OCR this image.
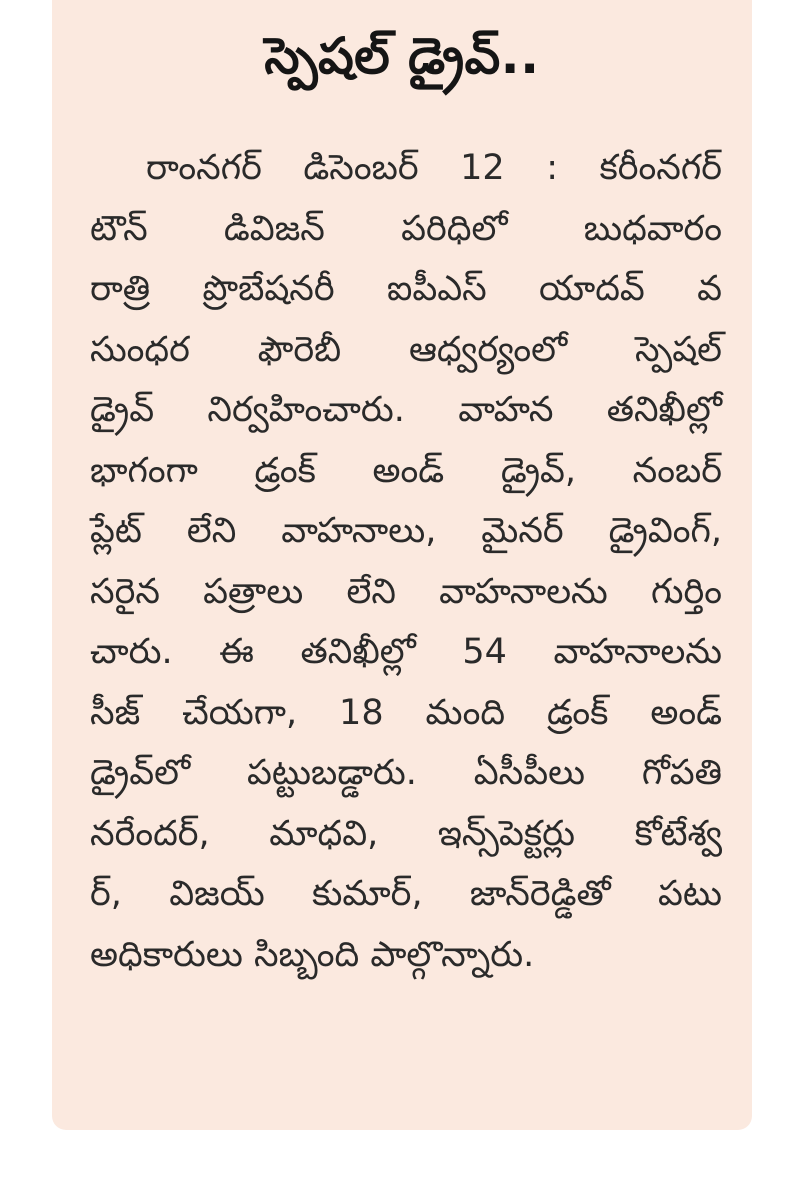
స్పెషల్ డ్రైవ్..
రాంనగర్ డిసెంబర్ 12 : కరీంనగర్
టౌన్ డివిజన్ పరిధిలో బుధవారం
రాత్రి ప్రొబేషనరీ ఐపీఎస్ యాదవ్ వ
సుంధర ఫౌరెబీ ఆధ్వర్యంలో స్పెషల్
డ్రైవ్ నిర్వహించారు. వాహన తనిఖీల్లో
భాగంగా డ్రంక్ అండ్ డ్రైవ్, నంబర్
ప్లేట్ లేని వాహనాలు, మైనర్ డ్రైవింగ్,
సరైన పత్రాలు లేని వాహనాలను గుర్తిం
చారు. ఈ తనిఖీల్లో 54 వాహనాలను
సీజ్ చేయగా, 18 మంది డ్రంక్ అండ్
డ్రైవ్‌లో పట్టుబడ్డారు. ఏసీపీలు గోపతి
నరేందర్, మాధవి, ఇన్స్‌పెక్టర్లు కోటేశ్వ
ర్, విజయ్ కుమార్, జాన్‌రెడ్డితో పటు
అధికారులు సిబ్బంది పాల్గొన్నారు.
